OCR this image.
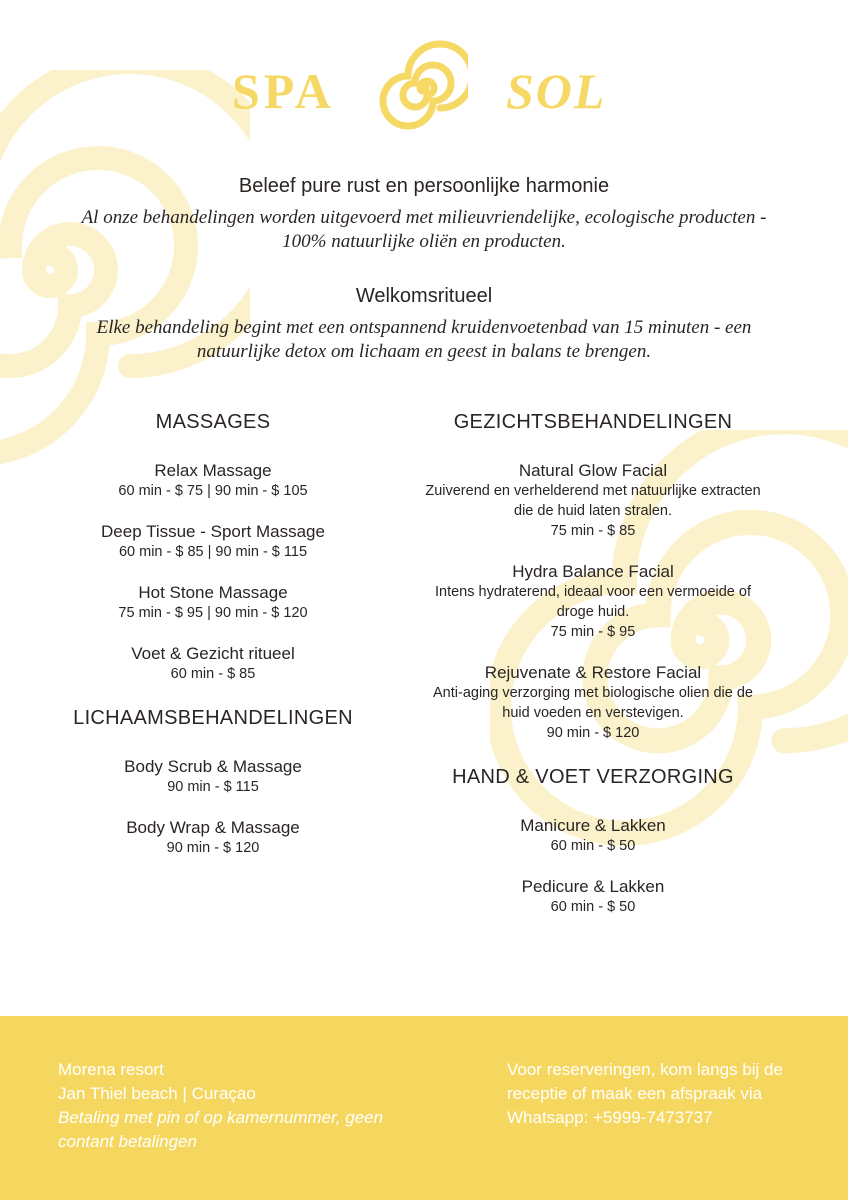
SPA	SOL
Beleef pure rust en persoonlijke harmonie
Al onze behandelingen worden uitgevoerd met milieuvriendelijke, ecologische producten - 100% natuurlijke oliën en producten.
Welkomsritueel
Elke behandeling begint met een ontspannend kruidenvoetenbad van 15 minuten - een natuurlijke detox om lichaam en geest in balans te brengen.
MASSAGES
Relax Massage
60 min - $ 75 | 90 min - $ 105
Deep Tissue - Sport Massage
60 min - $ 85 | 90 min - $ 115
Hot Stone Massage
75 min - $ 95 | 90 min - $ 120
Voet & Gezicht ritueel
60 min - $ 85
LICHAAMSBEHANDELINGEN
Body Scrub & Massage
90 min - $ 115
Body Wrap & Massage
90 min - $ 120
GEZICHTSBEHANDELINGEN
Natural Glow Facial
Zuiverend en verhelderend met natuurlijke extracten die de huid laten stralen.
75 min - $ 85
Hydra Balance Facial
Intens hydraterend, ideaal voor een vermoeide of droge huid.
75 min - $ 95
Rejuvenate & Restore Facial
Anti-aging verzorging met biologische olien die de huid voeden en verstevigen.
90 min - $ 120
HAND & VOET VERZORGING
Manicure & Lakken
60 min - $ 50
Pedicure & Lakken
60 min - $ 50
Morena resort
Jan Thiel beach | Curaçao
Betaling met pin of op kamernummer, geen contant betalingen
Voor reserveringen, kom langs bij de receptie of maak een afspraak via Whatsapp: +5999-7473737
